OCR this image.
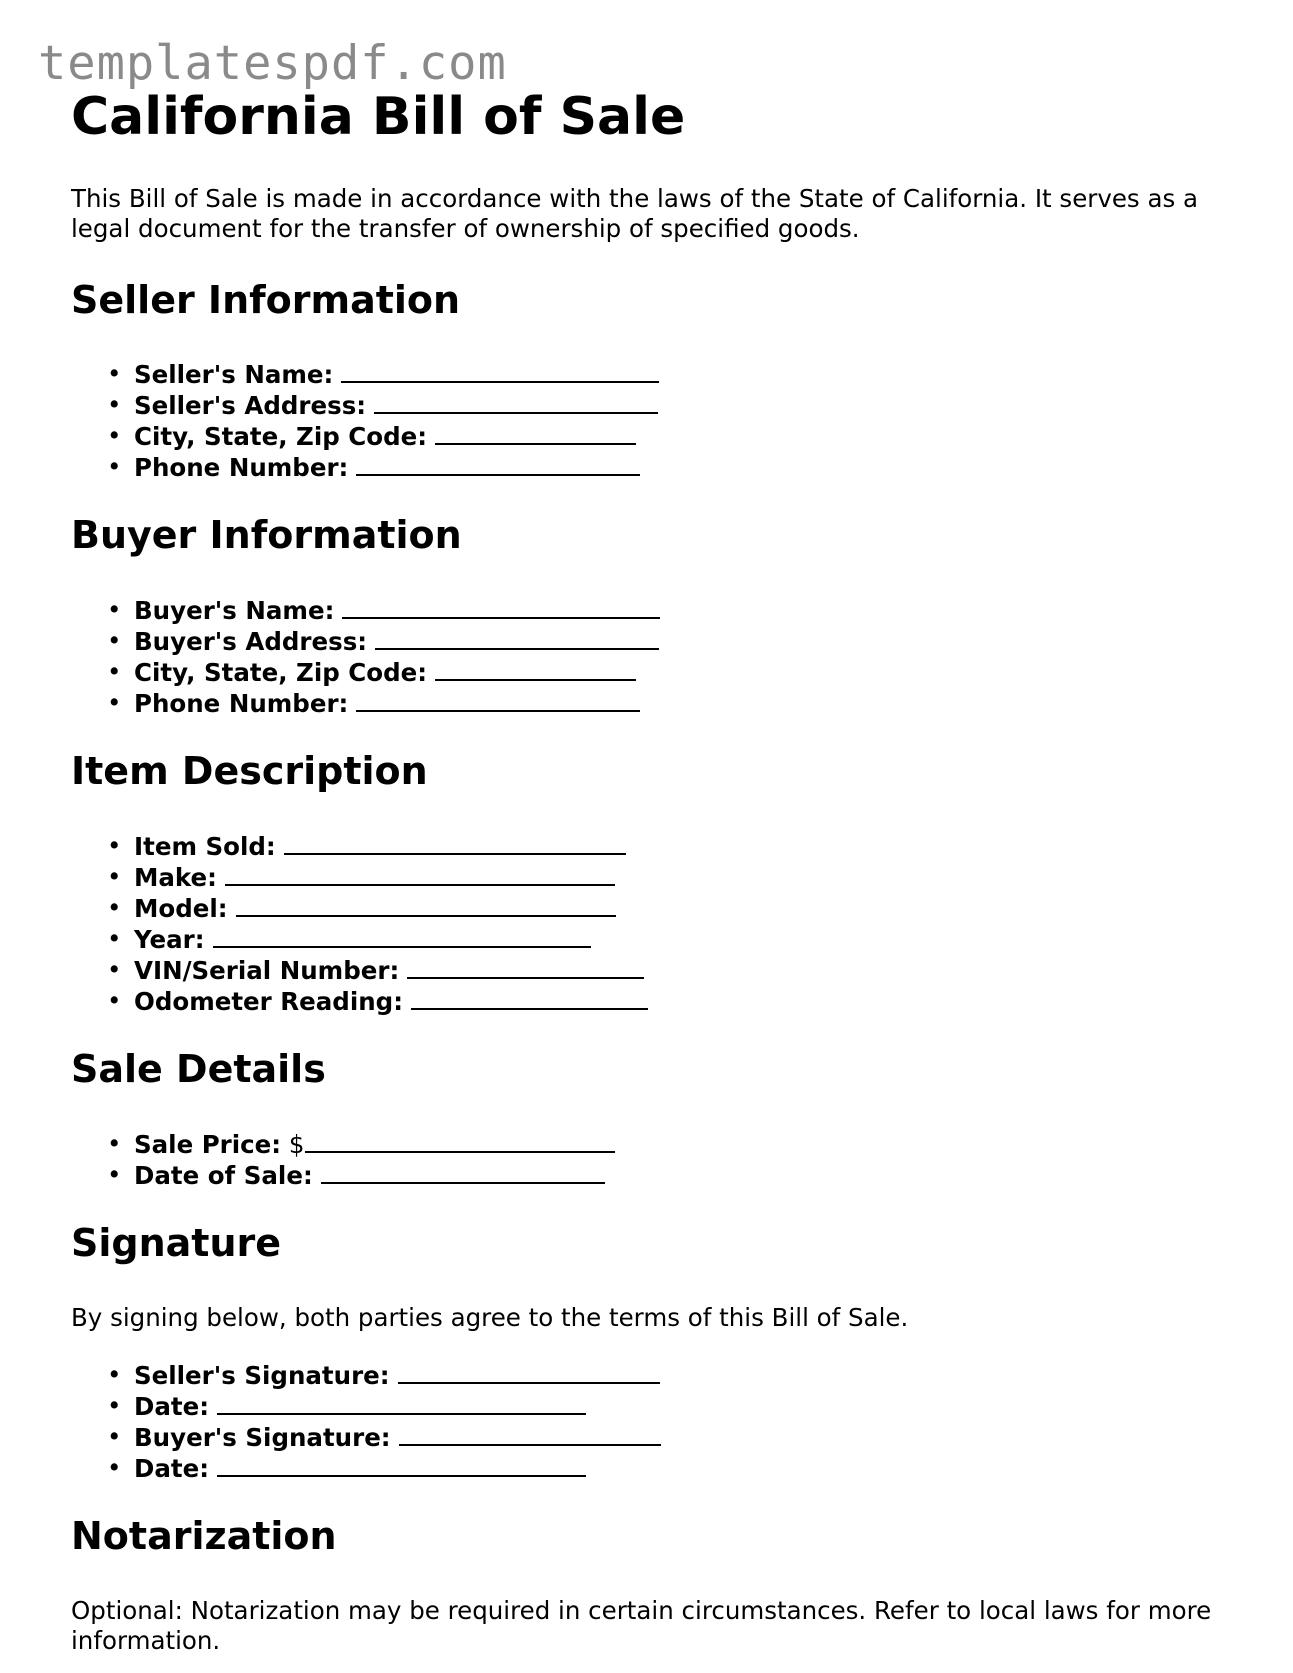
templatespdf.com
California Bill of Sale

This Bill of Sale is made in accordance with the laws of the State of California. It serves as a legal document for the transfer of ownership of specified goods.

Seller Information
• Seller's Name:
• Seller's Address:
• City, State, Zip Code:
• Phone Number:
Buyer Information
• Buyer's Name:
• Buyer's Address:
• City, State, Zip Code:
• Phone Number:
Item Description
• Item Sold:
• Make:
• Model:
• Year:
• VIN/Serial Number:
• Odometer Reading:
Sale Details
• Sale Price: $
• Date of Sale:
Signature

By signing below, both parties agree to the terms of this Bill of Sale.

• Seller's Signature:
• Date:
• Buyer's Signature:
• Date:
Notarization

Optional: Notarization may be required in certain circumstances. Refer to local laws for more information.
